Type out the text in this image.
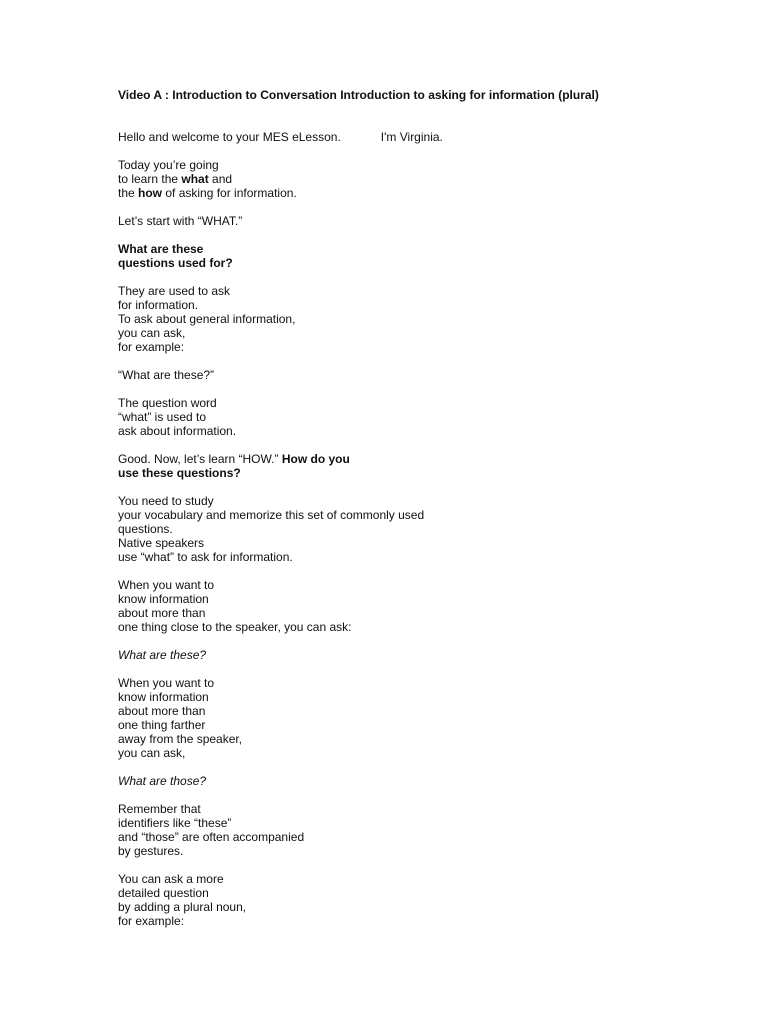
Video A : Introduction to Conversation Introduction to asking for information (plural)
Hello and welcome to your MES eLesson.	I'm Virginia.
Today you’re going
to learn the what and
the how of asking for information.
Let’s start with “WHAT.”
What are these
questions used for?
They are used to ask
for information.
To ask about general information,
you can ask,
for example:
“What are these?”
The question word
“what” is used to
ask about information.
Good. Now, let’s learn “HOW.” How do you
use these questions?
You need to study
your vocabulary and memorize this set of commonly used
questions.
Native speakers
use “what” to ask for information.
When you want to
know information
about more than
one thing close to the speaker, you can ask:
What are these?
When you want to
know information
about more than
one thing farther
away from the speaker,
you can ask,
What are those?
Remember that
identifiers like “these”
and “those” are often accompanied
by gestures.
You can ask a more
detailed question
by adding a plural noun,
for example:
